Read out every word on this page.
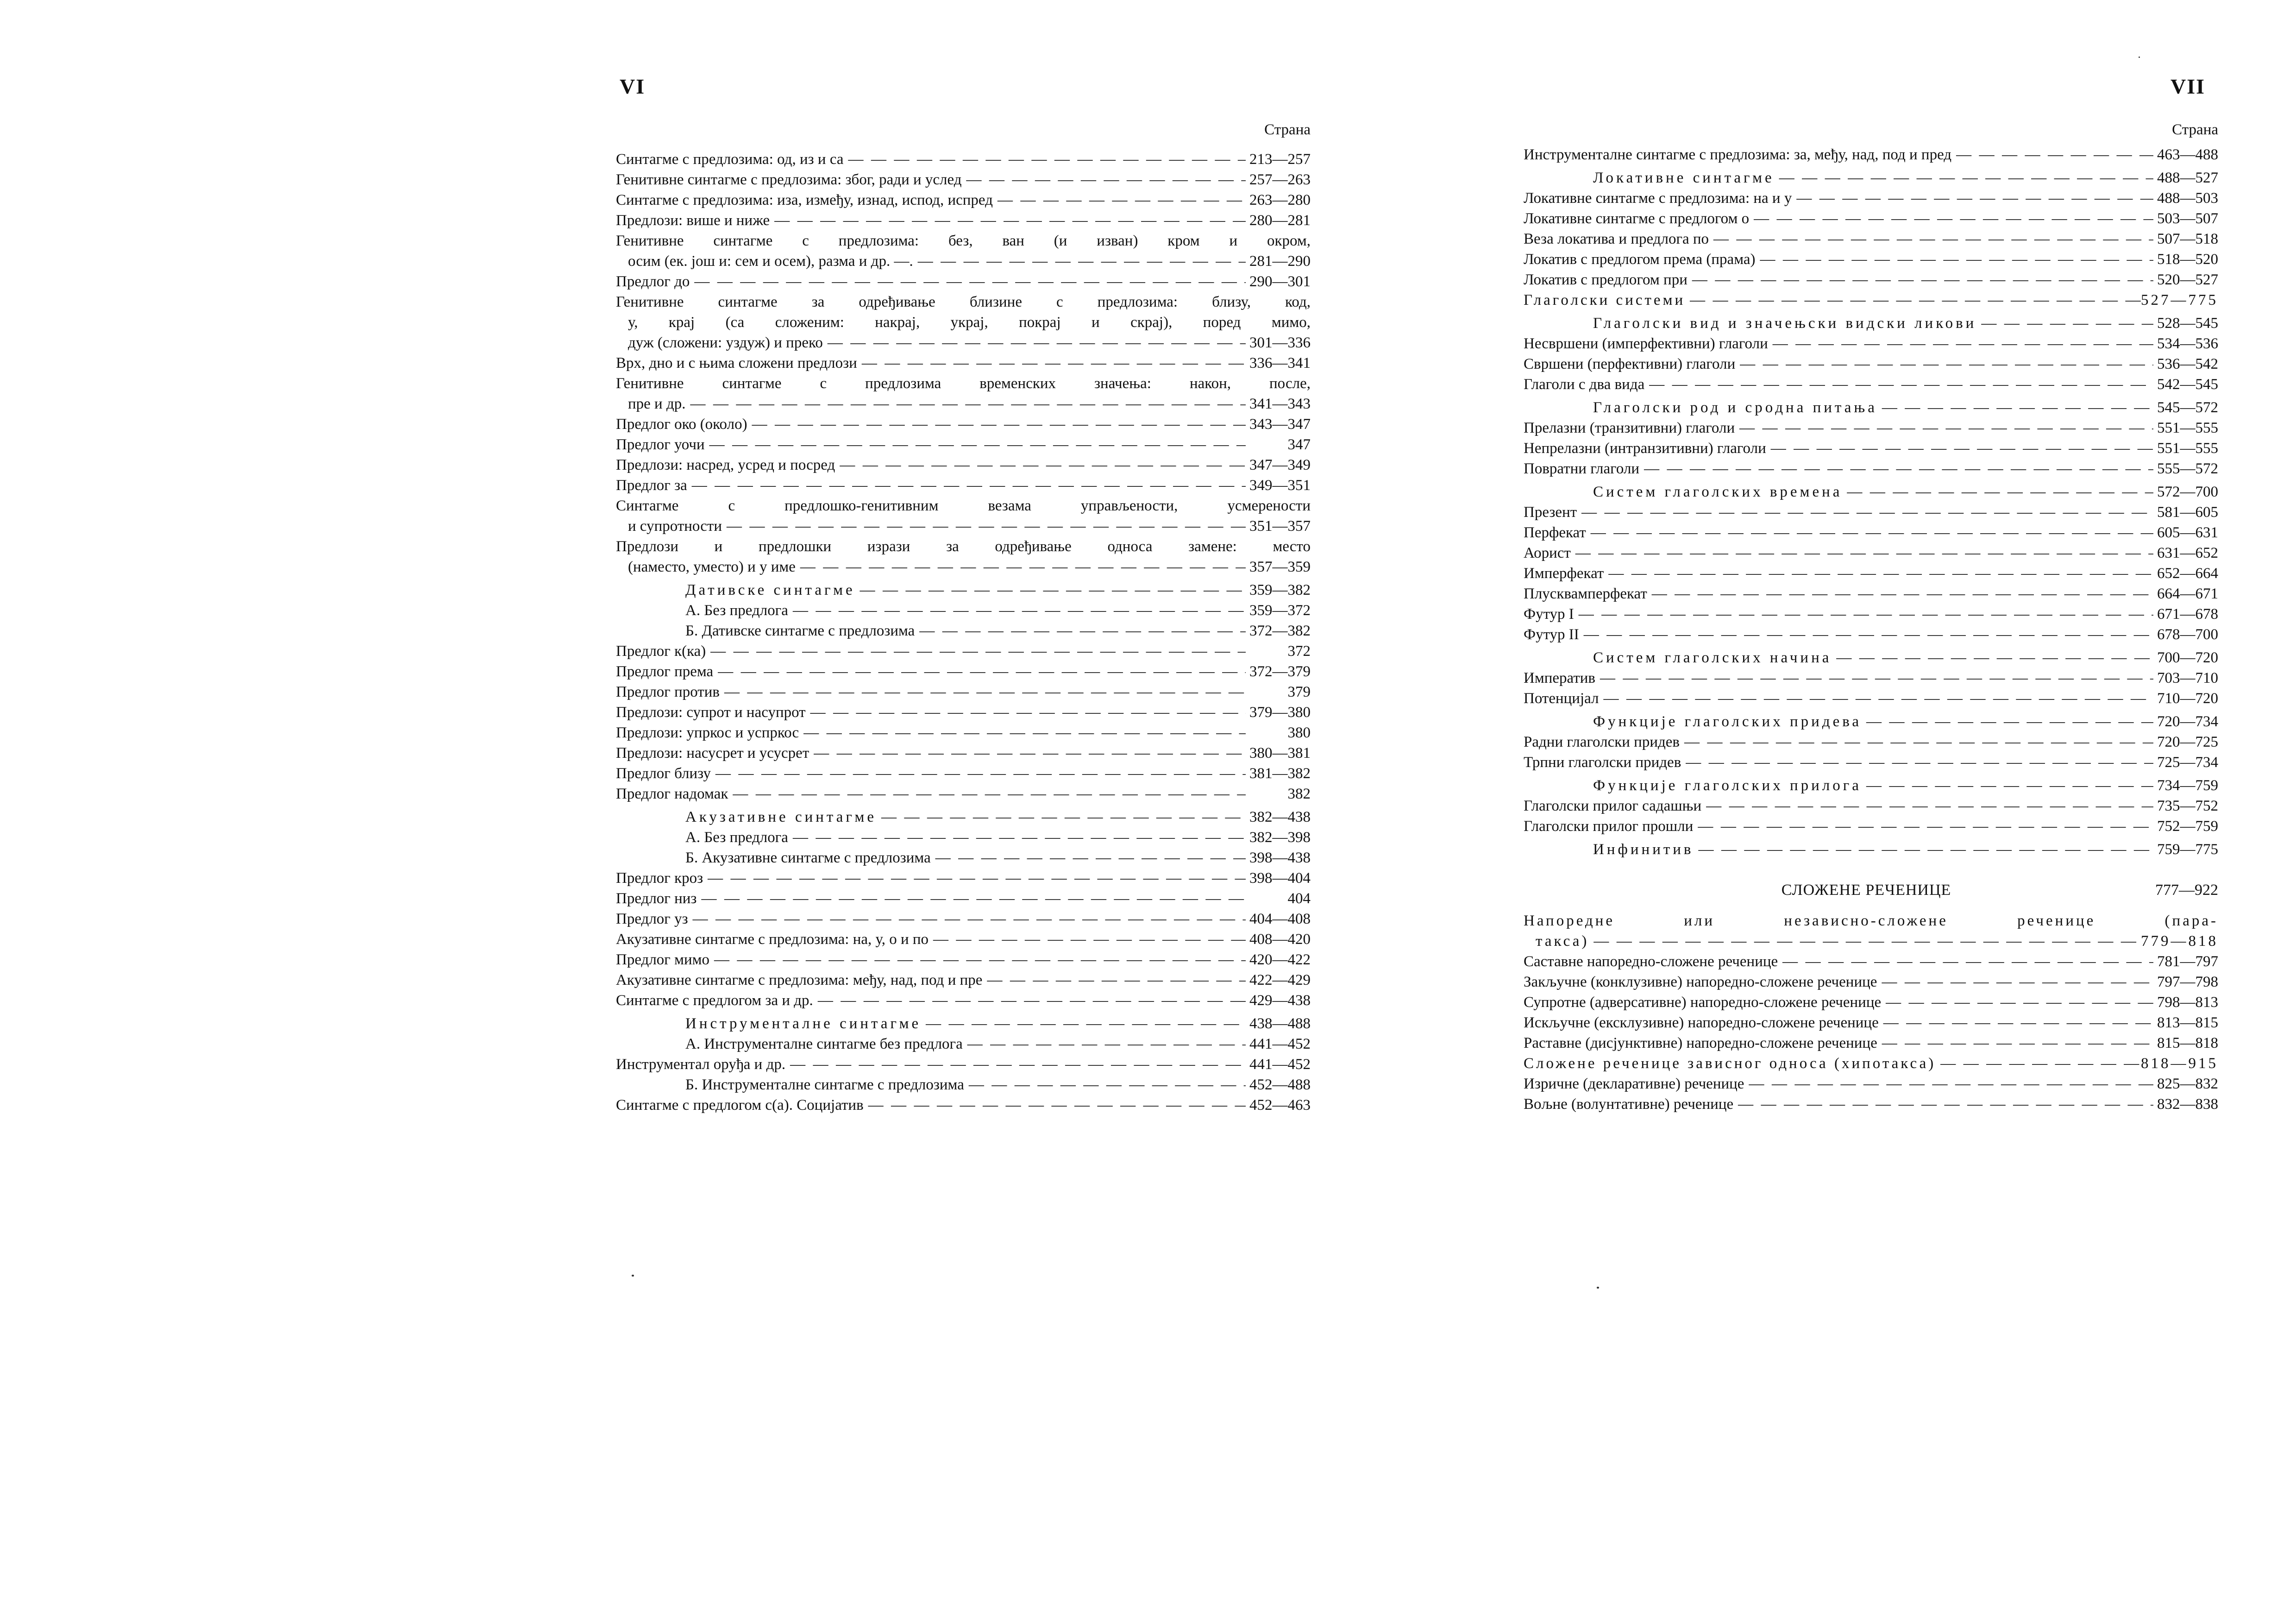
VI
Страна
Синтагме с предлозима: од, из и са — —	213—257
Генитивне синтагме с предлозима: због, ради и услед — —	257—263
Синтагме с предлозима: иза, између, изнад, испод, испред — —	263—280
Предлози: више и ниже — —	280—281
Генитивне синтагме с предлозима: без, ван (и изван) кром и окром,
осим (ек. још и: сем и осем), разма и др. —. — —	281—290
Предлог до — —	290—301
Генитивне синтагме за одређивање близине с предлозима: близу, код,
у, крај (са сложеним: накрај, украј, покрај и скрај), поред мимо,
дуж (сложени: уздуж) и преко — —	301—336
Врх, дно и с њима сложени предлози — —	336—341
Генитивне синтагме с предлозима временских значења: након, после,
пре и др. — —	341—343
Предлог око (около) — —	343—347
Предлог уочи — —	347
Предлози: насред, усред и посред — —	347—349
Предлог за — —	349—351
Синтагме с предлошко-генитивним везама управљености, усмерености
и супротности — —	351—357
Предлози и предлошки изрази за одређивање односа замене: место
(наместо, уместо) и у име — —	357—359
Дативске синтагме — —	359—382
А. Без предлога — —	359—372
Б. Дативске синтагме с предлозима — —	372—382
Предлог к(ка) — —	372
Предлог према — —	372—379
Предлог против — —	379
Предлози: супрот и насупрот — —	379—380
Предлози: упркос и успркос — —	380
Предлози: насусрет и усусрет — —	380—381
Предлог близу — —	381—382
Предлог надомак — —	382
Акузативне синтагме — —	382—438
А. Без предлога — —	382—398
Б. Акузативне синтагме с предлозима — —	398—438
Предлог кроз — —	398—404
Предлог низ — —	404
Предлог уз — —	404—408
Акузативне синтагме с предлозима: на, у, о и по — —	408—420
Предлог мимо — —	420—422
Акузативне синтагме с предлозима: међу, над, под и пре — —	422—429
Синтагме с предлогом за и др. — —	429—438
Инструменталне синтагме — —	438—488
А. Инструменталне синтагме без предлога — —	441—452
Инструментал оруђа и др. — —	441—452
Б. Инструменталне синтагме с предлозима — —	452—488
Синтагме с предлогом с(а). Социјатив — —	452—463
VII
Страна
Инструменталне синтагме с предлозима: за, међу, над, под и пред — —	463—488
Локативне синтагме — —	488—527
Локативне синтагме с предлозима: на и у — —	488—503
Локативне синтагме с предлогом о — —	503—507
Веза локатива и предлога по — —	507—518
Локатив с предлогом према (прама) — —	518—520
Локатив с предлогом при — —	520—527
Глаголски системи — —	527—775
Глаголски вид и значењски видски ликови — —	528—545
Несвршени (имперфективни) глаголи — —	534—536
Свршени (перфективни) глаголи — —	536—542
Глаголи с два вида — —	542—545
Глаголски род и сродна питања — —	545—572
Прелазни (транзитивни) глаголи — —	551—555
Непрелазни (интранзитивни) глаголи — —	551—555
Повратни глаголи — —	555—572
Систем глаголских времена — —	572—700
Презент — —	581—605
Перфекат — —	605—631
Аорист — —	631—652
Имперфекат — —	652—664
Плусквамперфекат — —	664—671
Футур I — —	671—678
Футур II — —	678—700
Систем глаголских начина — —	700—720
Императив — —	703—710
Потенцијал — —	710—720
Функције глаголских придева — —	720—734
Радни глаголски придев — —	720—725
Трпни глаголски придев — —	725—734
Функције глаголских прилога — —	734—759
Глаголски прилог садашњи — —	735—752
Глаголски прилог прошли — —	752—759
Инфинитив — —	759—775
СЛОЖЕНЕ РЕЧЕНИЦЕ	777—922
Напоредне или независно-сложене реченице (пара-
такса) — —	779—818
Саставне напоредно-сложене реченице — —	781—797
Закључне (конклузивне) напоредно-сложене реченице — —	797—798
Супротне (адверсативне) напоредно-сложене реченице — —	798—813
Искључне (ексклузивне) напоредно-сложене реченице — —	813—815
Раставне (дисјунктивне) напоредно-сложене реченице — —	815—818
Сложене реченице зависног односа (хипотакса) — —	818—915
Изричне (декларативне) реченице — —	825—832
Вољне (волунтативне) реченице — —	832—838
